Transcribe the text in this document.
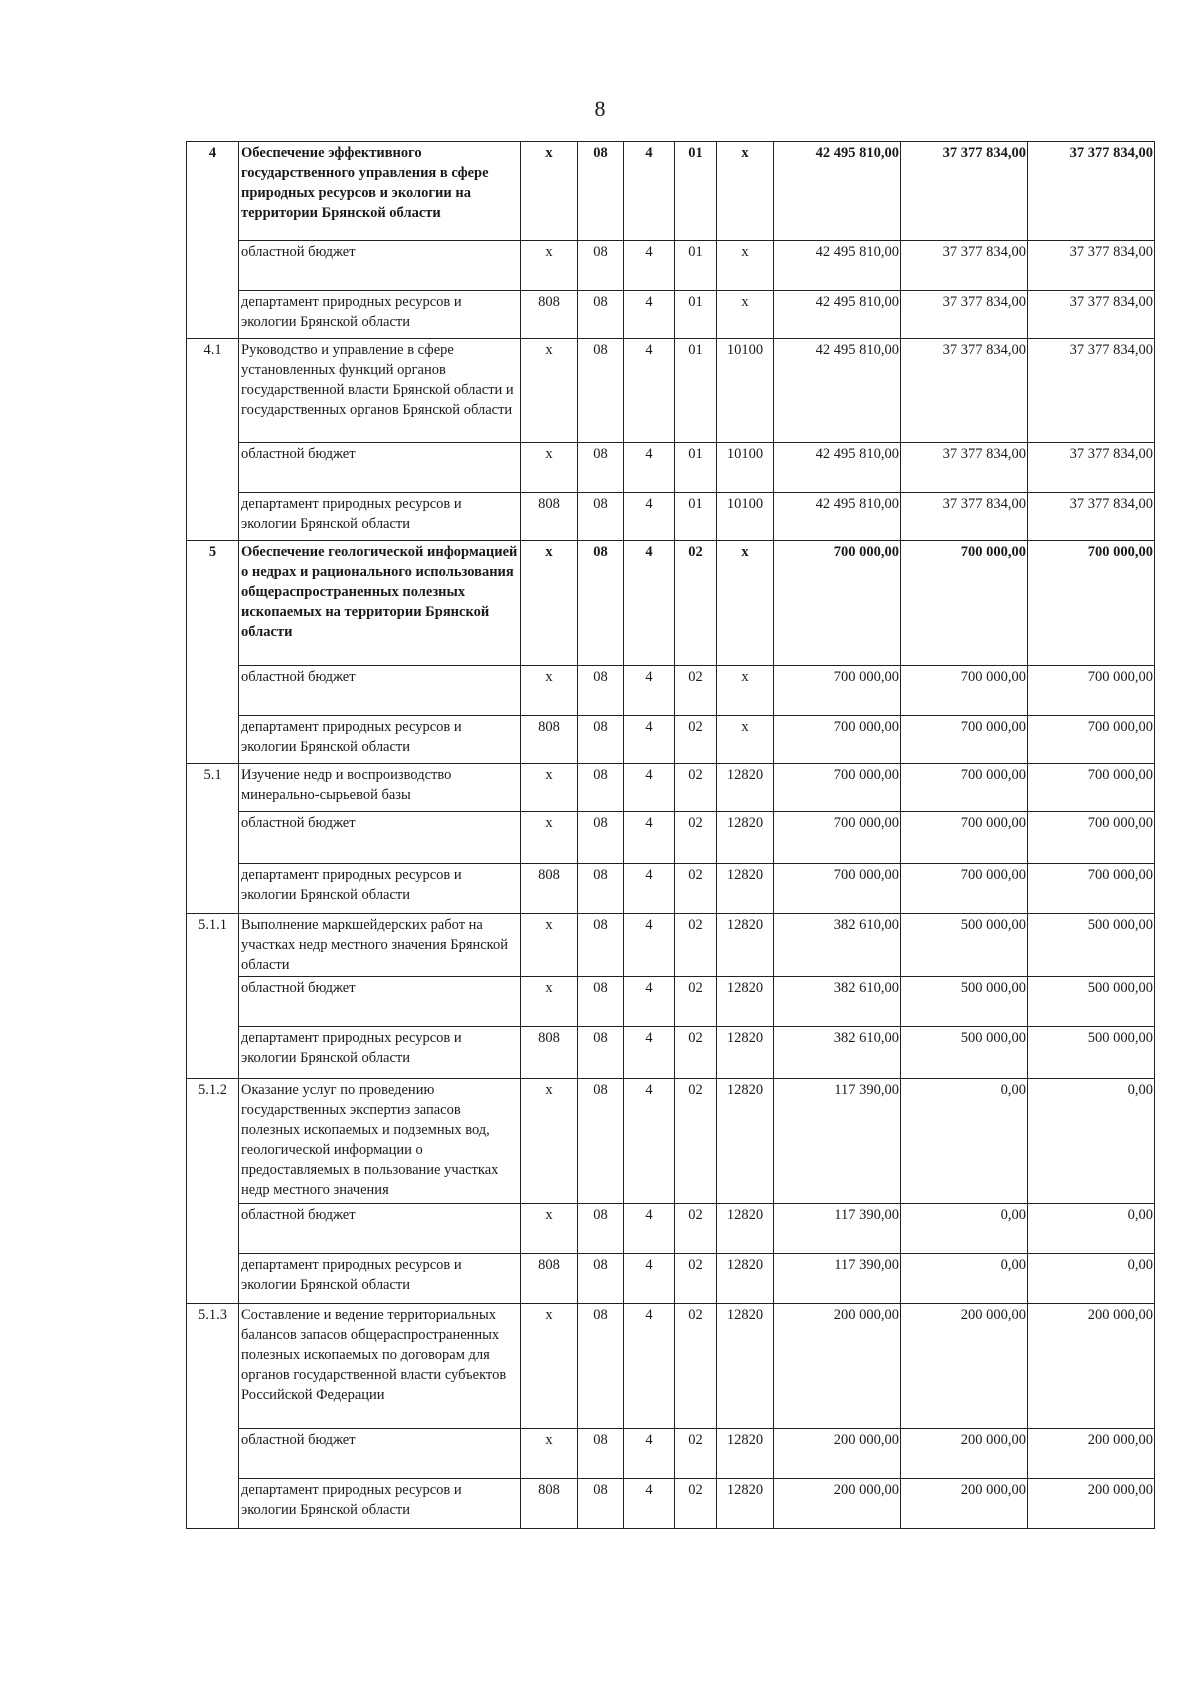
8
4	Обеспечение эффективного государственного управления в сфере природных ресурсов и экологии на территории Брянской области	x	08	4	01	x	42 495 810,00	37 377 834,00	37 377 834,00
	областной бюджет	x	08	4	01	x	42 495 810,00	37 377 834,00	37 377 834,00
	департамент природных ресурсов и экологии Брянской области	808	08	4	01	x	42 495 810,00	37 377 834,00	37 377 834,00
4.1	Руководство и управление в сфере установленных функций органов государственной власти Брянской области и государственных органов Брянской области	x	08	4	01	10100	42 495 810,00	37 377 834,00	37 377 834,00
	областной бюджет	x	08	4	01	10100	42 495 810,00	37 377 834,00	37 377 834,00
	департамент природных ресурсов и экологии Брянской области	808	08	4	01	10100	42 495 810,00	37 377 834,00	37 377 834,00
5	Обеспечение геологической информацией о недрах и рационального использования общераспространенных полезных ископаемых на территории Брянской области	x	08	4	02	x	700 000,00	700 000,00	700 000,00
	областной бюджет	x	08	4	02	x	700 000,00	700 000,00	700 000,00
	департамент природных ресурсов и экологии Брянской области	808	08	4	02	x	700 000,00	700 000,00	700 000,00
5.1	Изучение недр и воспроизводство минерально-сырьевой базы	x	08	4	02	12820	700 000,00	700 000,00	700 000,00
	областной бюджет	x	08	4	02	12820	700 000,00	700 000,00	700 000,00
	департамент природных ресурсов и экологии Брянской области	808	08	4	02	12820	700 000,00	700 000,00	700 000,00
5.1.1	Выполнение маркшейдерских работ на участках недр местного значения Брянской области	x	08	4	02	12820	382 610,00	500 000,00	500 000,00
	областной бюджет	x	08	4	02	12820	382 610,00	500 000,00	500 000,00
	департамент природных ресурсов и экологии Брянской области	808	08	4	02	12820	382 610,00	500 000,00	500 000,00
5.1.2	Оказание услуг по проведению государственных экспертиз запасов полезных ископаемых и подземных вод, геологической информации о предоставляемых в пользование участках недр местного значения	x	08	4	02	12820	117 390,00	0,00	0,00
	областной бюджет	x	08	4	02	12820	117 390,00	0,00	0,00
	департамент природных ресурсов и экологии Брянской области	808	08	4	02	12820	117 390,00	0,00	0,00
5.1.3	Составление и ведение территориальных балансов запасов общераспространенных полезных ископаемых по договорам для органов государственной власти субъектов Российской Федерации	x	08	4	02	12820	200 000,00	200 000,00	200 000,00
	областной бюджет	x	08	4	02	12820	200 000,00	200 000,00	200 000,00
	департамент природных ресурсов и экологии Брянской области	808	08	4	02	12820	200 000,00	200 000,00	200 000,00
